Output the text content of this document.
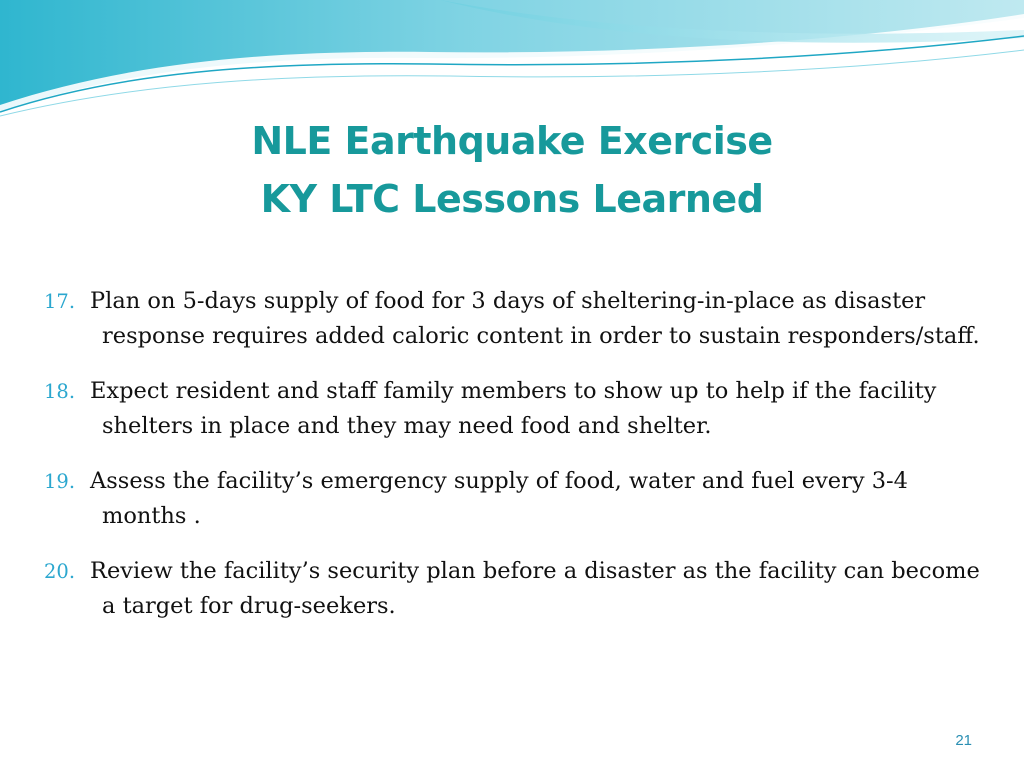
NLE Earthquake Exercise
KY LTC Lessons Learned
17. Plan on 5-days supply of food for 3 days of sheltering-in-place as disaster response requires added caloric content in order to sustain responders/staff.
18. Expect resident and staff family members to show up to help if the facility shelters in place and they may need food and shelter.
19. Assess the facility’s emergency supply of food, water and fuel every 3-4 months .
20. Review the facility’s security plan before a disaster as the facility can become a target for drug-seekers.
21
